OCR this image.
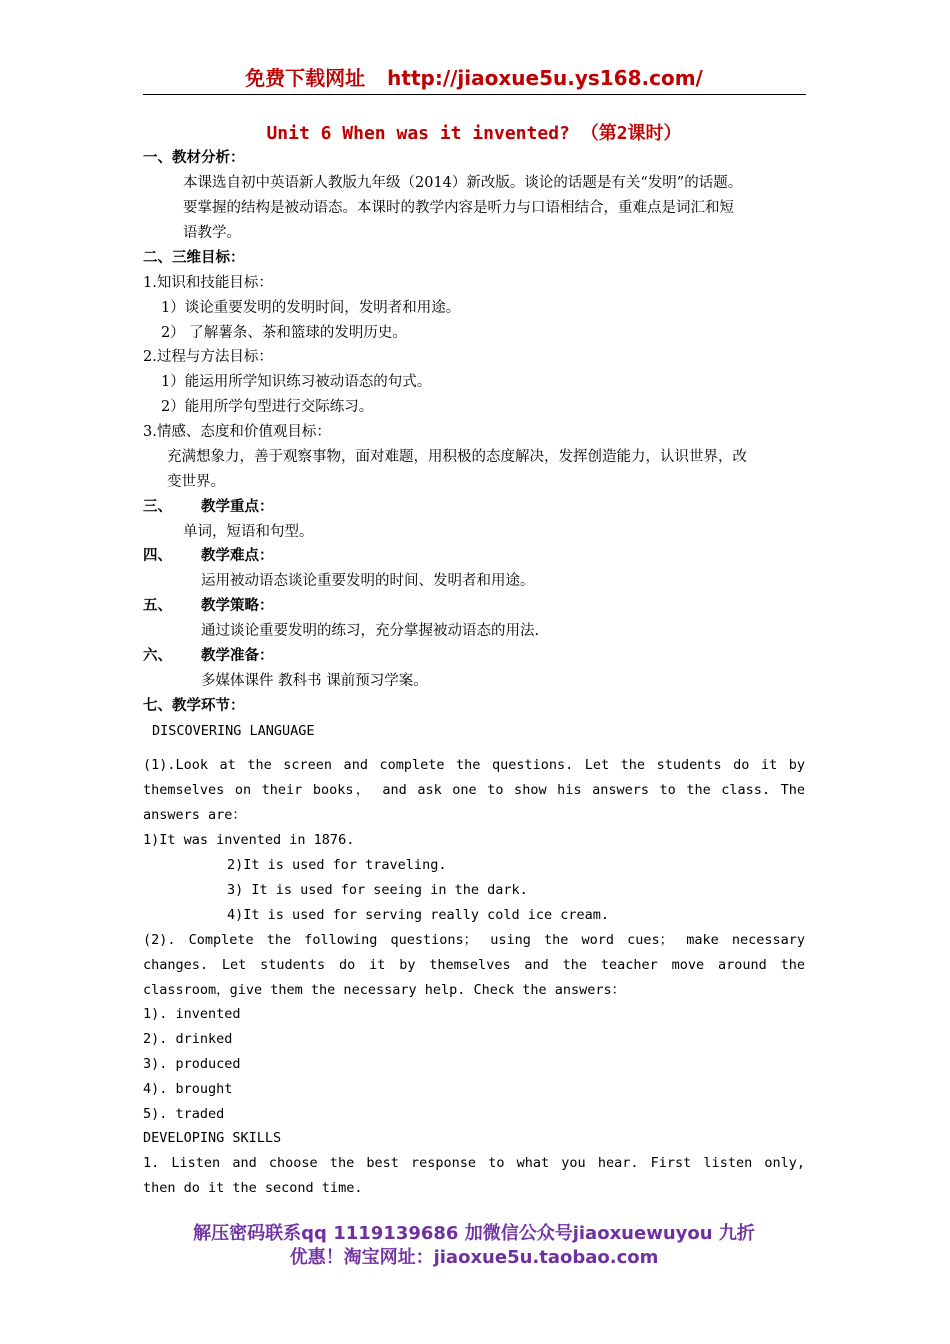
免费下载网址 http://jiaoxue5u.ys168.com/
Unit 6 When was it invented? （第2课时）
一、教材分析：
本课选自初中英语新人教版九年级（2014）新改版。谈论的话题是有关“发明”的话题。
要掌握的结构是被动语态。本课时的教学内容是听力与口语相结合，重难点是词汇和短
语教学。
二、三维目标：
1.知识和技能目标：
1）谈论重要发明的发明时间，发明者和用途。
2） 了解薯条、茶和篮球的发明历史。
2.过程与方法目标：
1）能运用所学知识练习被动语态的句式。
2）能用所学句型进行交际练习。
3.情感、态度和价值观目标：
充满想象力，善于观察事物，面对难题，用积极的态度解决，发挥创造能力，认识世界，改
变世界。
三、 教学重点：
单词，短语和句型。
四、 教学难点：
运用被动语态谈论重要发明的时间、发明者和用途。
五、 教学策略：
通过谈论重要发明的练习，充分掌握被动语态的用法.
六、 教学准备：
多媒体课件 教科书 课前预习学案。
七、教学环节：
DISCOVERING LANGUAGE
(1).Look at the screen and complete the questions. Let the students do it by
themselves on their books， and ask one to show his answers to the class. The
answers are：
1)It was invented in 1876.
2)It is used for traveling.
3) It is used for seeing in the dark.
4)It is used for serving really cold ice cream.
(2). Complete the following questions； using the word cues； make necessary
changes. Let students do it by themselves and the teacher move around the
classroom，give them the necessary help. Check the answers：
1). invented
2). drinked
3). produced
4). brought
5). traded
DEVELOPING SKILLS
1. Listen and choose the best response to what you hear. First listen only,
then do it the second time.
解压密码联系qq 1119139686 加微信公众号jiaoxuewuyou 九折
优惠！淘宝网址：jiaoxue5u.taobao.com
